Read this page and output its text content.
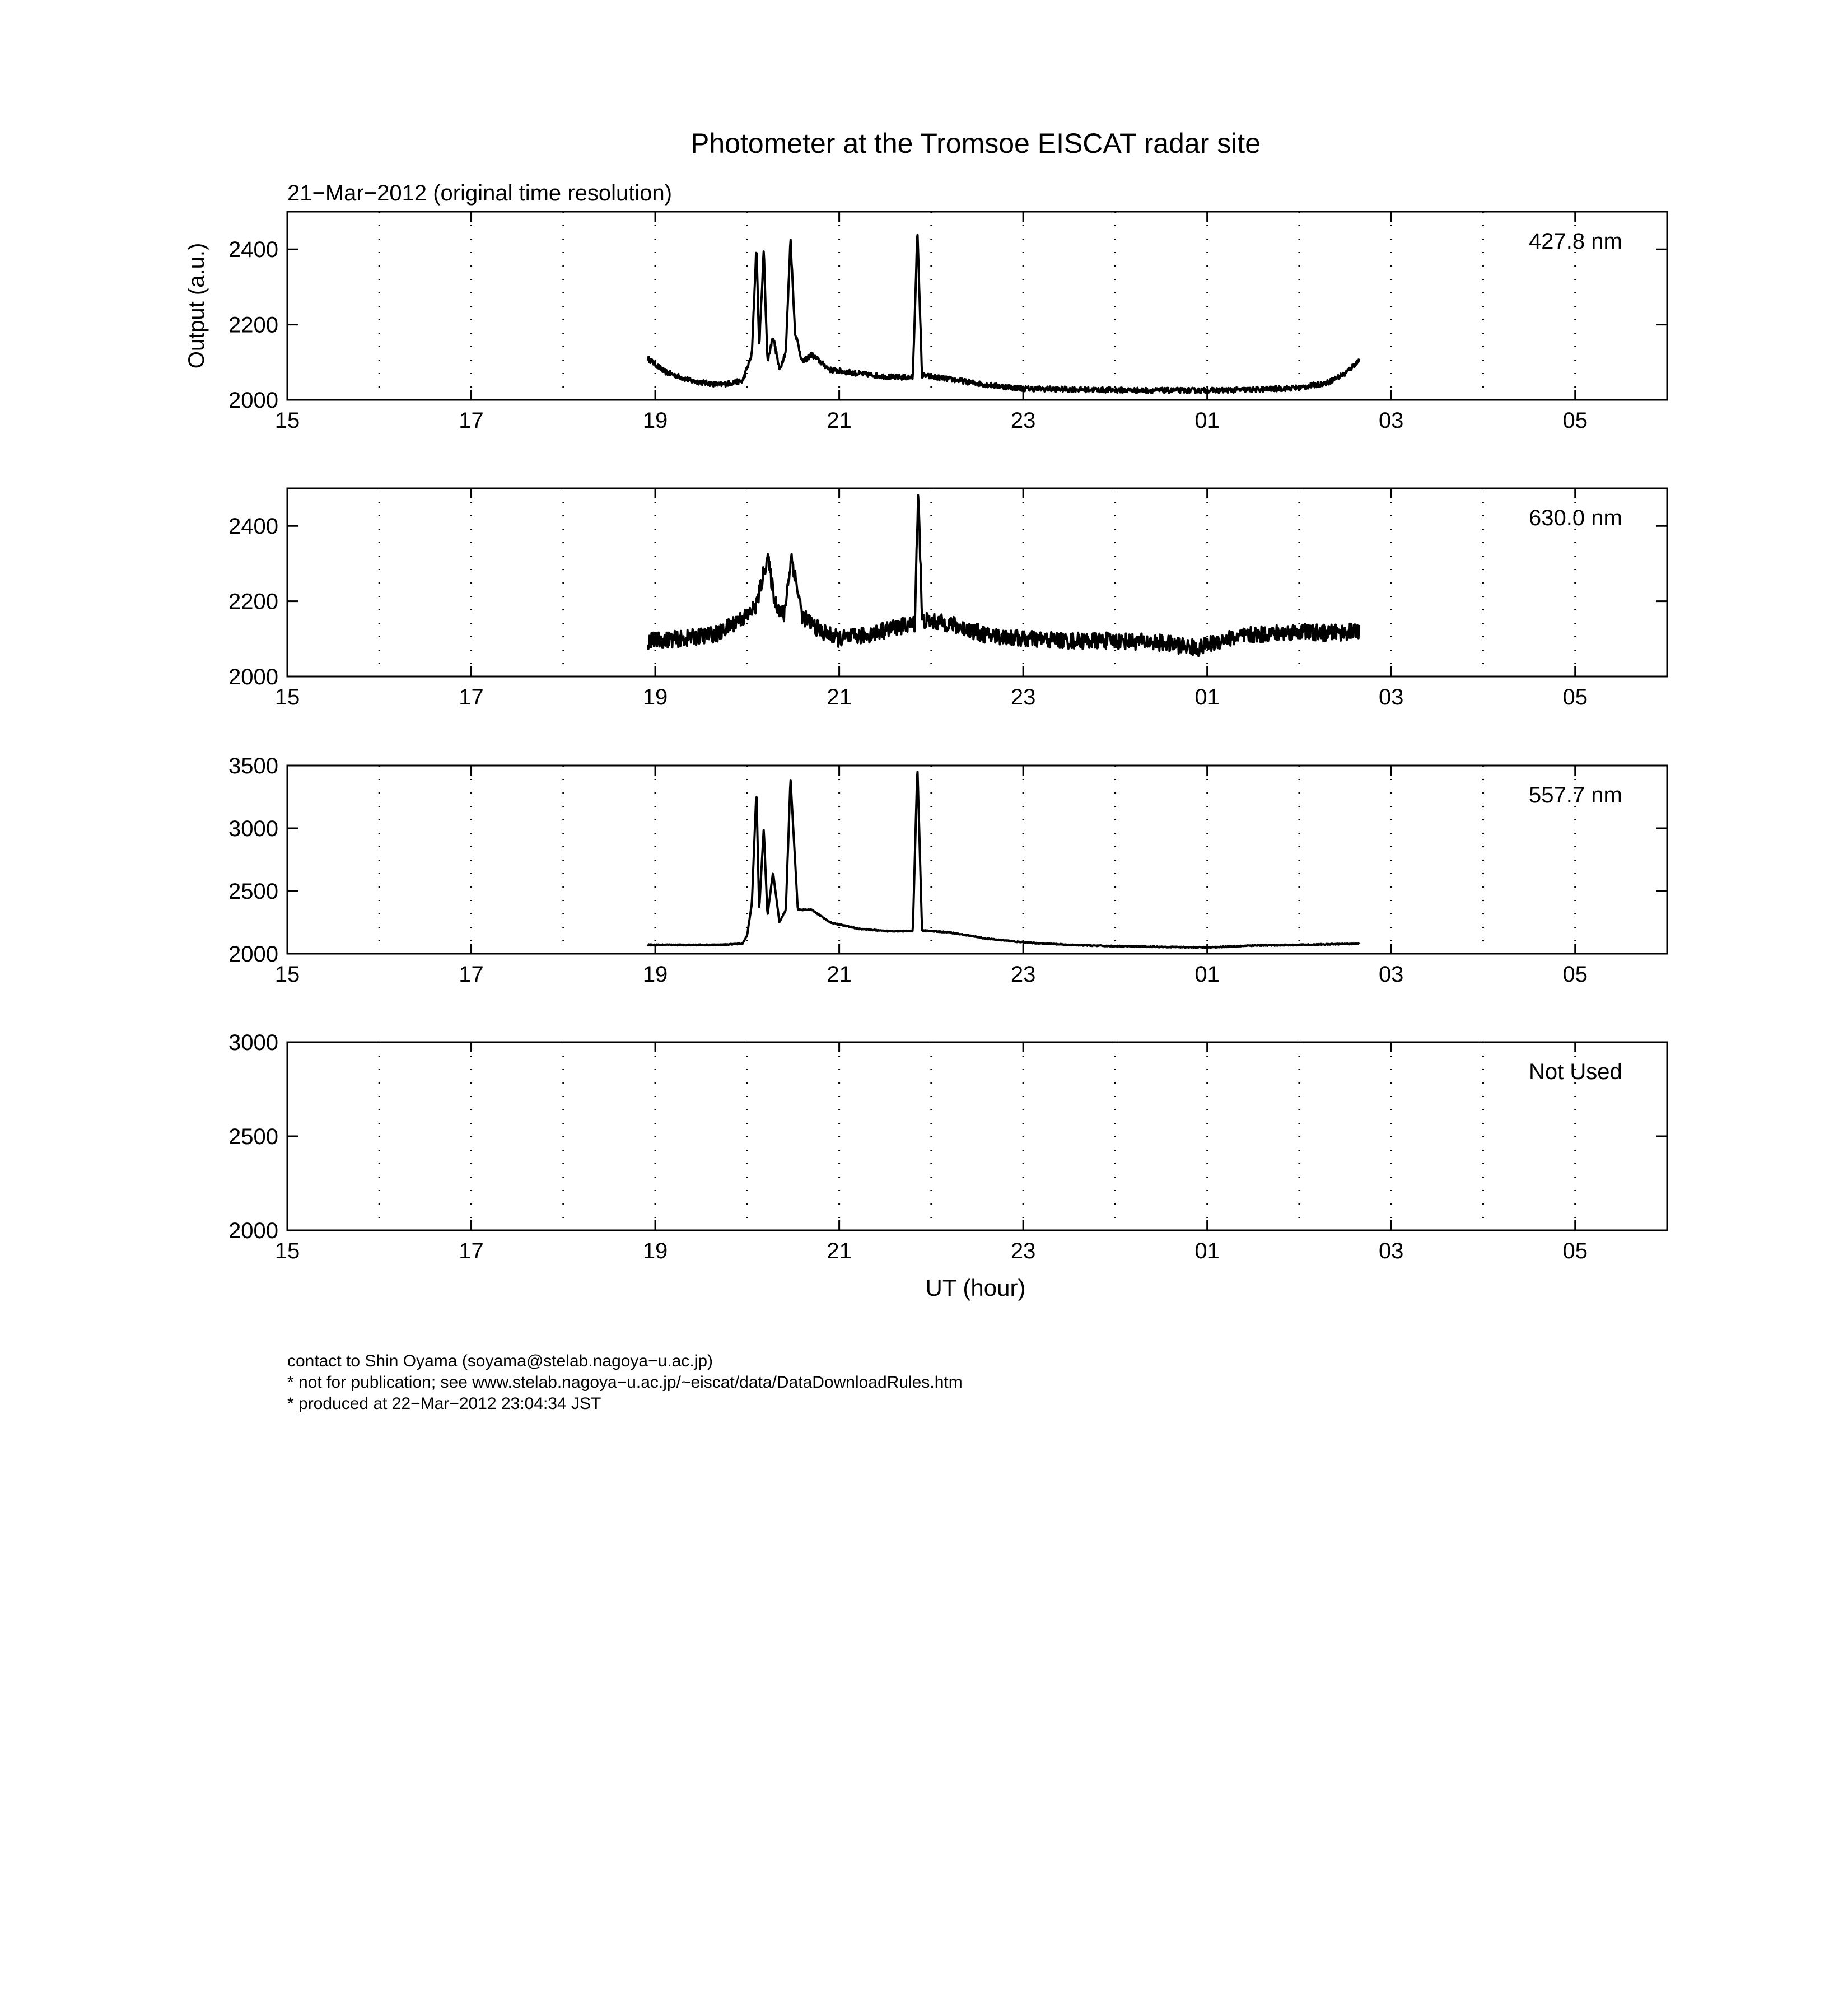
Photometer at the Tromsoe EISCAT radar site
21−Mar−2012 (original time resolution)
Output (a.u.)
15	17	19	21	23	01	03	05
2000
2200
2400	427.8 nm
15	17	19	21	23	01	03	05
2000
2200
2400	630.0 nm
15	17	19	21	23	01	03	05
2000
2500
3000
3500
557.7 nm
15	17	19	21	23	01	03	05
2000
2500
3000
Not Used
UT (hour)
contact to Shin Oyama (soyama@stelab.nagoya−u.ac.jp)
* not for publication; see www.stelab.nagoya−u.ac.jp/~eiscat/data/DataDownloadRules.htm
* produced at 22−Mar−2012 23:04:34 JST
